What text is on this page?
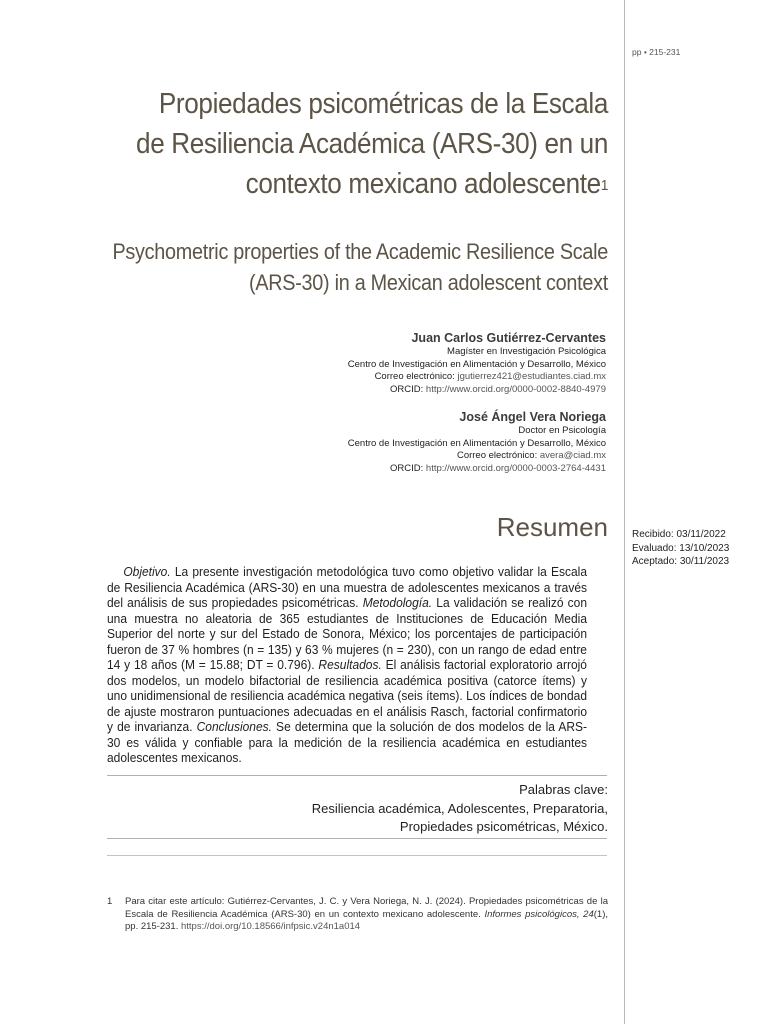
pp • 215-231
Propiedades psicométricas de la Escala
de Resiliencia Académica (ARS-30) en un
contexto mexicano adolescente$^1$
Psychometric properties of the Academic Resilience Scale
(ARS-30) in a Mexican adolescent context
Juan Carlos Gutiérrez-Cervantes
Magíster en Investigación Psicológica
Centro de Investigación en Alimentación y Desarrollo, México
Correo electrónico: jgutierrez421@estudiantes.ciad.mx
ORCID: http://www.orcid.org/0000-0002-8840-4979
José Ángel Vera Noriega
Doctor en Psicología
Centro de Investigación en Alimentación y Desarrollo, México
Correo electrónico: avera@ciad.mx
ORCID: http://www.orcid.org/0000-0003-2764-4431
Recibido: 03/11/2022
Evaluado: 13/10/2023
Aceptado: 30/11/2023
Resumen
Objetivo. La presente investigación metodológica tuvo como objetivo validar la Escala de Resiliencia Académica (ARS-30) en una muestra de adolescentes mexicanos a través del análisis de sus propiedades psicométricas. Metodología. La validación se realizó con una muestra no aleatoria de 365 estudiantes de Instituciones de Educación Media Superior del norte y sur del Estado de Sonora, México; los porcentajes de participación fueron de 37 % hombres (n = 135) y 63 % mujeres (n = 230), con un rango de edad entre 14 y 18 años (M = 15.88; DT = 0.796). Resultados. El análisis factorial exploratorio arrojó dos modelos, un modelo bifactorial de resiliencia académica positiva (catorce ítems) y uno unidimensional de resiliencia académica negativa (seis ítems). Los índices de bondad de ajuste mostraron puntuaciones adecuadas en el análisis Rasch, factorial confirmatorio y de invarianza. Conclusiones. Se determina que la solución de dos modelos de la ARS-30 es válida y confiable para la medición de la resiliencia académica en estudiantes adolescentes mexicanos.
Palabras clave:
Resiliencia académica, Adolescentes, Preparatoria,
Propiedades psicométricas, México.
1 Para citar este artículo: Gutiérrez-Cervantes, J. C. y Vera Noriega, N. J. (2024). Propiedades psicométricas de la Escala de Resiliencia Académica (ARS-30) en un contexto mexicano adolescente. Informes psicológicos, 24(1), pp. 215-231. https://doi.org/10.18566/infpsic.v24n1a014
